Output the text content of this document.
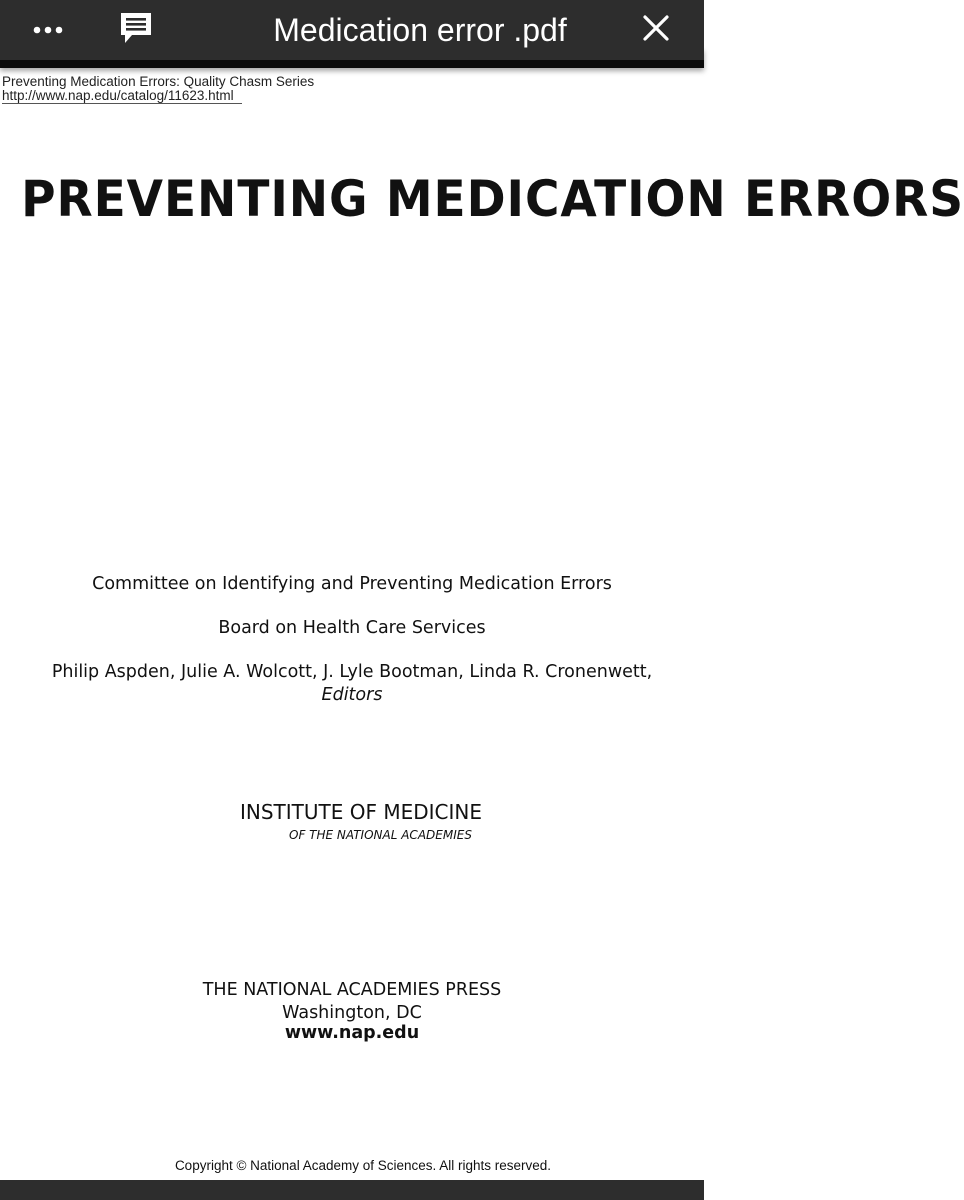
Medication error .pdf
Preventing Medication Errors: Quality Chasm Series
http://www.nap.edu/catalog/11623.html
PREVENTING MEDICATION ERRORS
Committee on Identifying and Preventing Medication Errors
Board on Health Care Services
Philip Aspden, Julie A. Wolcott, J. Lyle Bootman, Linda R. Cronenwett,
Editors
INSTITUTE OF MEDICINE
OF THE NATIONAL ACADEMIES
THE NATIONAL ACADEMIES PRESS
Washington, DC
www.nap.edu
Copyright © National Academy of Sciences. All rights reserved.
